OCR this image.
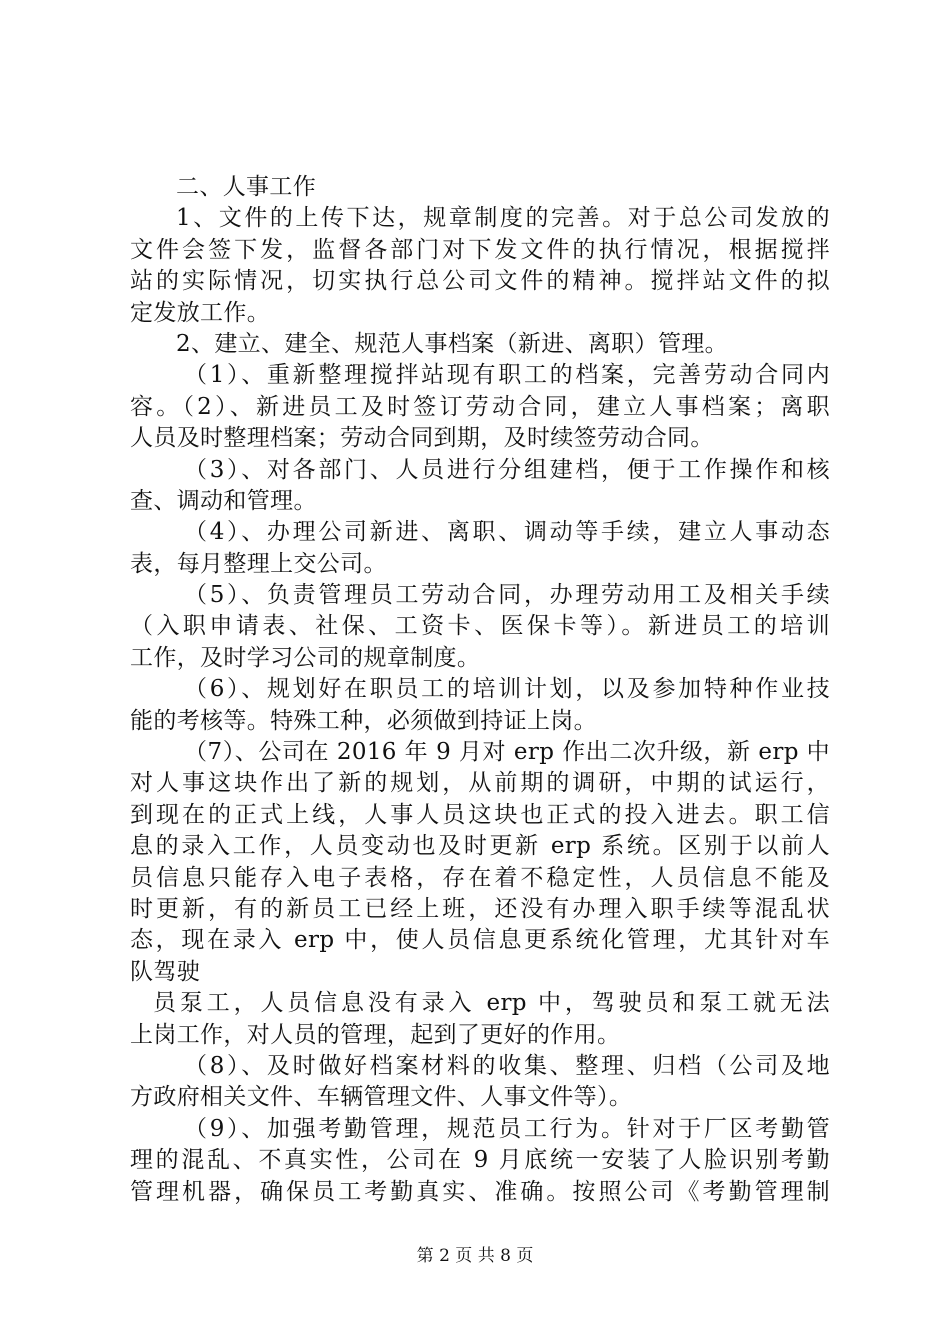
二、人事工作
1、文件的上传下达，规章制度的完善。对于总公司发放的
文件会签下发，监督各部门对下发文件的执行情况，根据搅拌
站的实际情况，切实执行总公司文件的精神。搅拌站文件的拟
定发放工作。
2、建立、建全、规范人事档案（新进、离职）管理。
（1）、重新整理搅拌站现有职工的档案，完善劳动合同内
容。（2）、新进员工及时签订劳动合同，建立人事档案；离职
人员及时整理档案；劳动合同到期，及时续签劳动合同。
（3）、对各部门、人员进行分组建档，便于工作操作和核
查、调动和管理。
（4）、办理公司新进、离职、调动等手续，建立人事动态
表，每月整理上交公司。
（5）、负责管理员工劳动合同，办理劳动用工及相关手续
（入职申请表、社保、工资卡、医保卡等）。新进员工的培训
工作，及时学习公司的规章制度。
（6）、规划好在职员工的培训计划，以及参加特种作业技
能的考核等。特殊工种，必须做到持证上岗。
（7）、公司在 2016 年 9 月对 erp 作出二次升级，新 erp 中
对人事这块作出了新的规划，从前期的调研，中期的试运行，
到现在的正式上线，人事人员这块也正式的投入进去。职工信
息的录入工作，人员变动也及时更新 erp 系统。区别于以前人
员信息只能存入电子表格，存在着不稳定性，人员信息不能及
时更新，有的新员工已经上班，还没有办理入职手续等混乱状
态，现在录入 erp 中，使人员信息更系统化管理，尤其针对车
队驾驶
员泵工，人员信息没有录入 erp 中，驾驶员和泵工就无法
上岗工作，对人员的管理，起到了更好的作用。
（8）、及时做好档案材料的收集、整理、归档（公司及地
方政府相关文件、车辆管理文件、人事文件等）。
（9）、加强考勤管理，规范员工行为。针对于厂区考勤管
理的混乱、不真实性，公司在 9 月底统一安装了人脸识别考勤
管理机器，确保员工考勤真实、准确。按照公司《考勤管理制
第 2 页 共 8 页
